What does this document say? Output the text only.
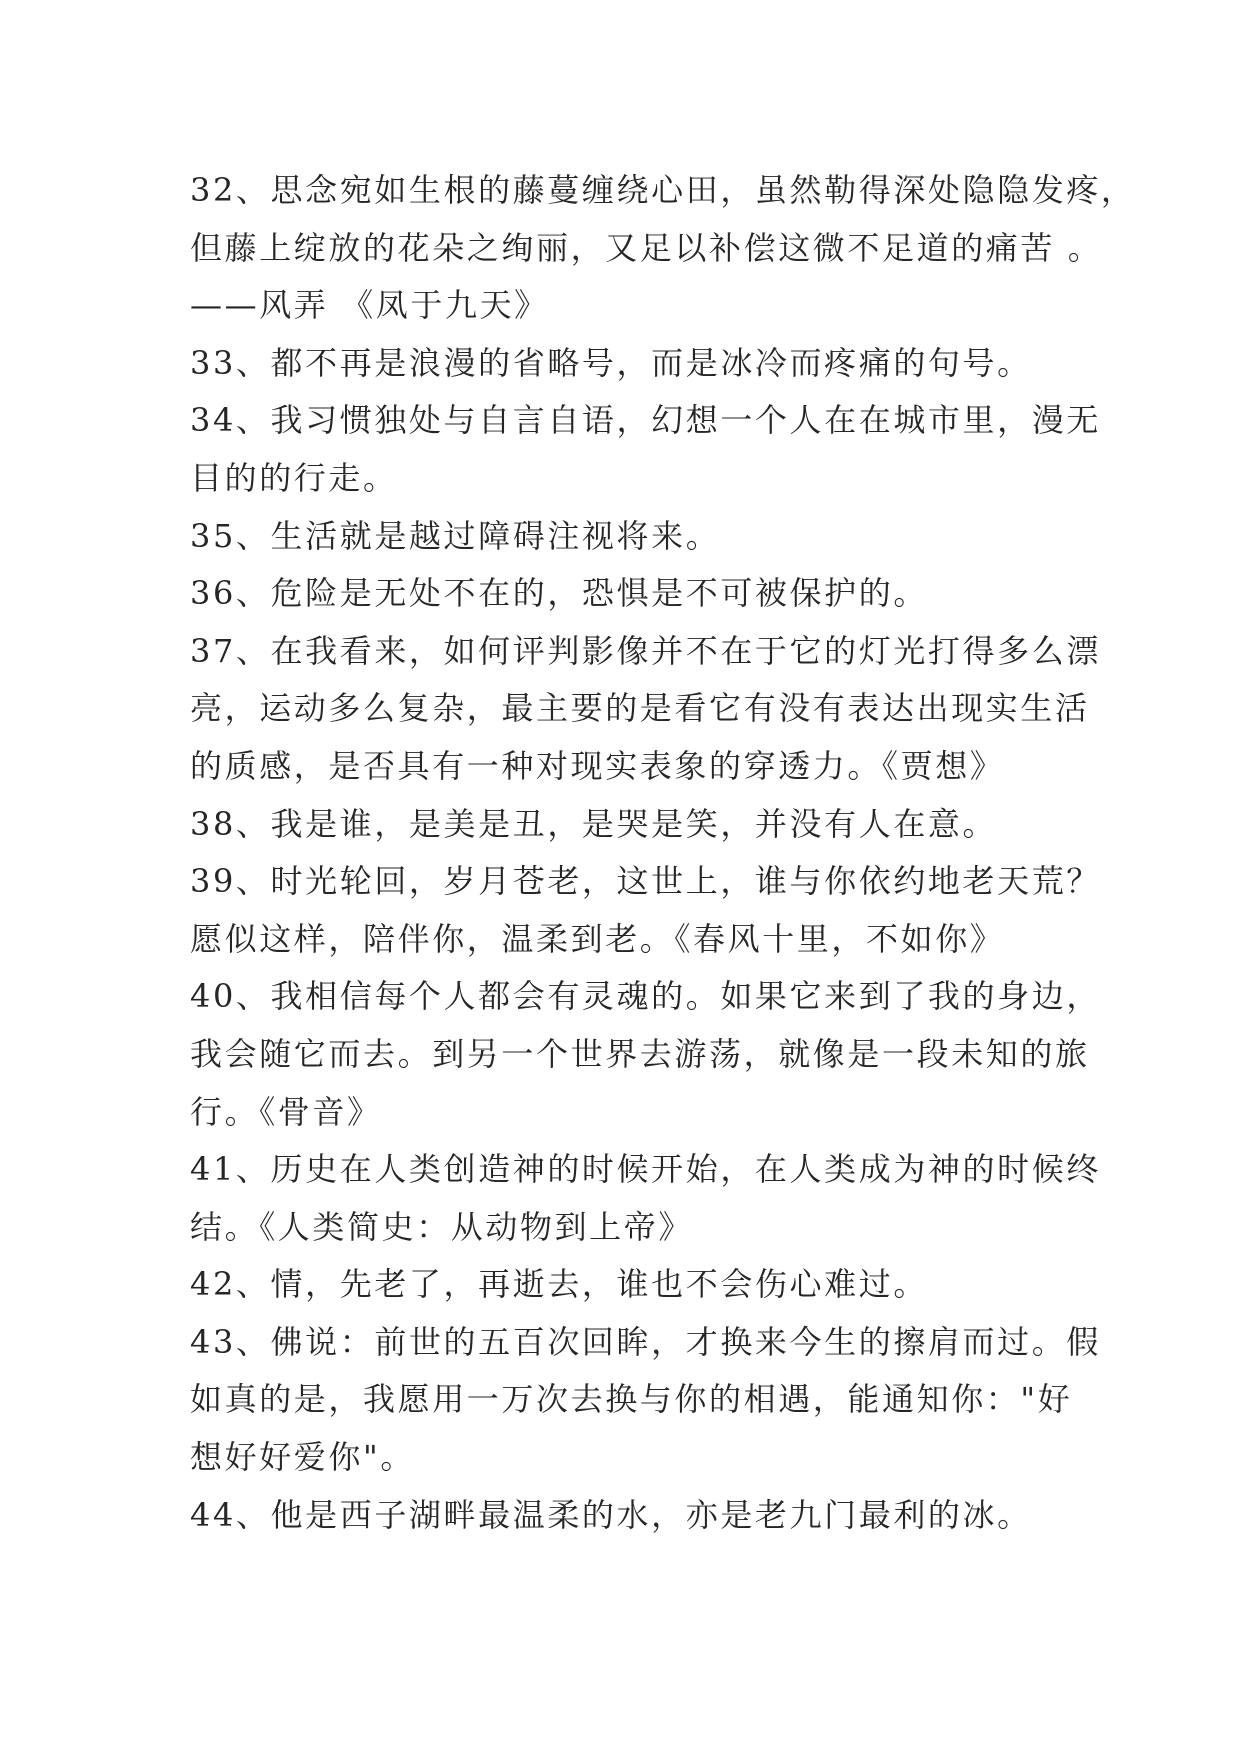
32、思念宛如生根的藤蔓缠绕心田，虽然勒得深处隐隐发疼，
但藤上绽放的花朵之绚丽，又足以补偿这微不足道的痛苦 。
——风弄 《凤于九天》
33、都不再是浪漫的省略号，而是冰冷而疼痛的句号。
34、我习惯独处与自言自语，幻想一个人在在城市里，漫无
目的的行走。
35、生活就是越过障碍注视将来。
36、危险是无处不在的，恐惧是不可被保护的。
37、在我看来，如何评判影像并不在于它的灯光打得多么漂
亮，运动多么复杂，最主要的是看它有没有表达出现实生活
的质感，是否具有一种对现实表象的穿透力。《贾想》
38、我是谁，是美是丑，是哭是笑，并没有人在意。
39、时光轮回，岁月苍老，这世上，谁与你依约地老天荒？
愿似这样，陪伴你，温柔到老。《春风十里，不如你》
40、我相信每个人都会有灵魂的。如果它来到了我的身边，
我会随它而去。到另一个世界去游荡，就像是一段未知的旅
行。《骨音》
41、历史在人类创造神的时候开始，在人类成为神的时候终
结。《人类简史：从动物到上帝》
42、情，先老了，再逝去，谁也不会伤心难过。
43、佛说：前世的五百次回眸，才换来今生的擦肩而过。假
如真的是，我愿用一万次去换与你的相遇，能通知你："好
想好好爱你"。
44、他是西子湖畔最温柔的水，亦是老九门最利的冰。
